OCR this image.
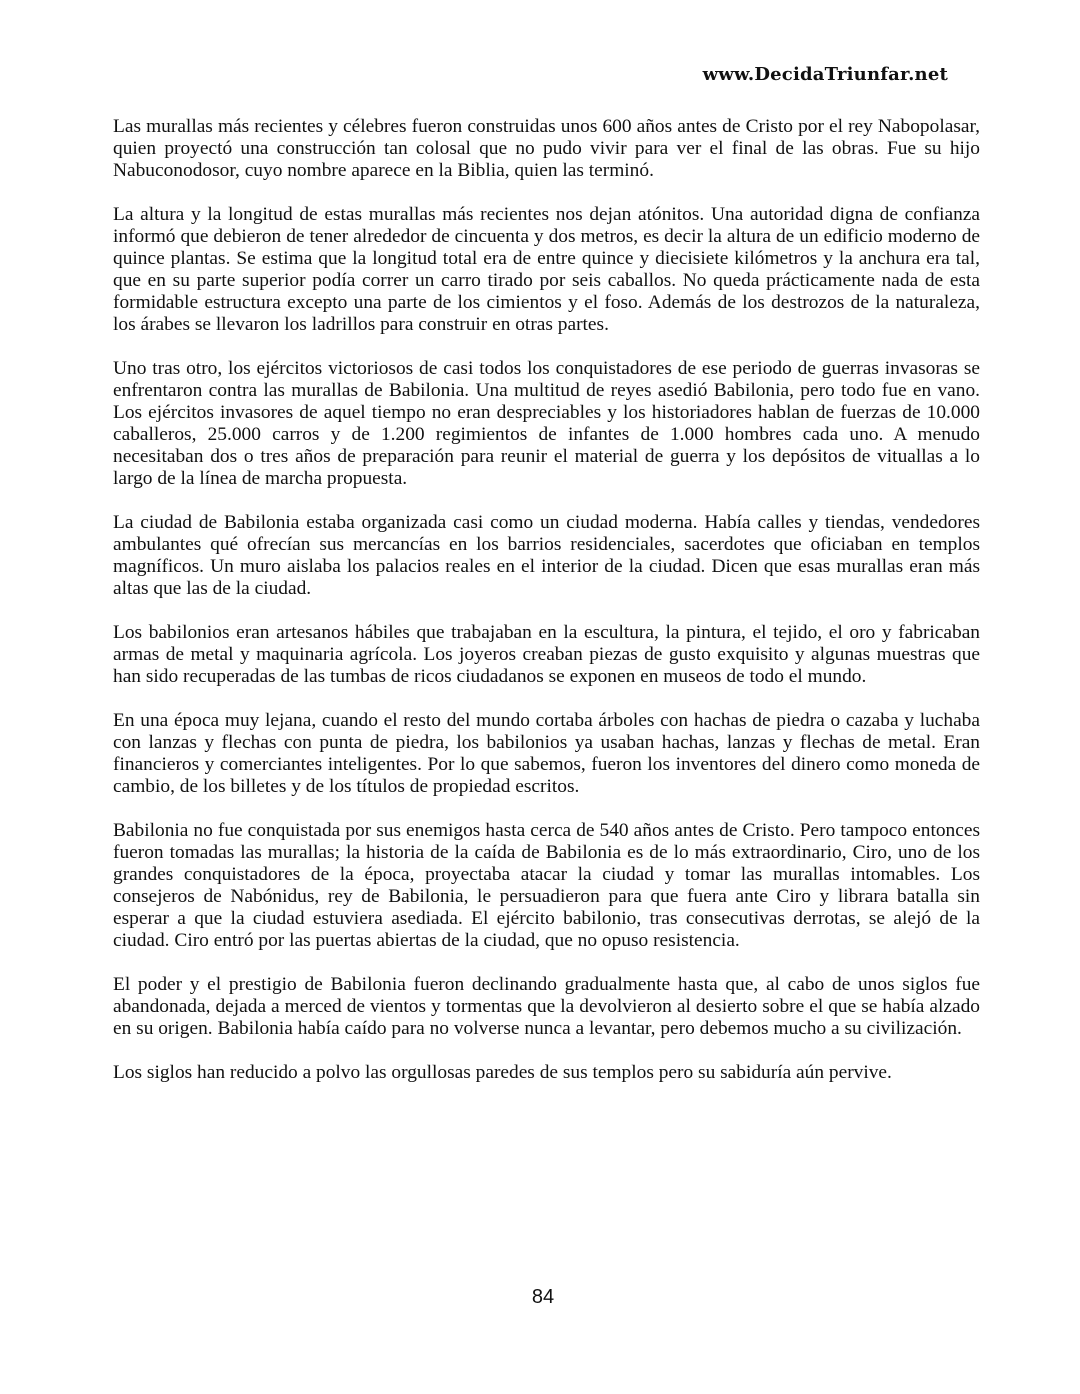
www.DecidaTriunfar.net

Las murallas más recientes y célebres fueron construidas unos 600 años antes de Cristo por el rey Nabopolasar, quien proyectó una construcción tan colosal que no pudo vivir para ver el final de las obras. Fue su hijo Nabuconodosor, cuyo nombre aparece en la Biblia, quien las terminó.

La altura y la longitud de estas murallas más recientes nos dejan atónitos. Una autoridad digna de confianza informó que debieron de tener alrededor de cincuenta y dos metros, es decir la altura de un edificio moderno de quince plantas. Se estima que la longitud total era de entre quince y diecisiete kilómetros y la anchura era tal, que en su parte superior podía correr un carro tirado por seis caballos. No queda prácticamente nada de esta formidable estructura excepto una parte de los cimientos y el foso. Además de los destrozos de la naturaleza, los árabes se llevaron los ladrillos para construir en otras partes.

Uno tras otro, los ejércitos victoriosos de casi todos los conquistadores de ese periodo de guerras invasoras se enfrentaron contra las murallas de Babilonia. Una multitud de reyes asedió Babilonia, pero todo fue en vano. Los ejércitos invasores de aquel tiempo no eran despreciables y los historiadores hablan de fuerzas de 10.000 caballeros, 25.000 carros y de 1.200 regimientos de infantes de 1.000 hombres cada uno. A menudo necesitaban dos o tres años de preparación para reunir el material de guerra y los depósitos de vituallas a lo largo de la línea de marcha propuesta.

La ciudad de Babilonia estaba organizada casi como un ciudad moderna. Había calles y tiendas, vendedores ambulantes qué ofrecían sus mercancías en los barrios residenciales, sacerdotes que oficiaban en templos magníficos. Un muro aislaba los palacios reales en el interior de la ciudad. Dicen que esas murallas eran más altas que las de la ciudad.

Los babilonios eran artesanos hábiles que trabajaban en la escultura, la pintura, el tejido, el oro y fabricaban armas de metal y maquinaria agrícola. Los joyeros creaban piezas de gusto exquisito y algunas muestras que han sido recuperadas de las tumbas de ricos ciudadanos se exponen en museos de todo el mundo.

En una época muy lejana, cuando el resto del mundo cortaba árboles con hachas de piedra o cazaba y luchaba con lanzas y flechas con punta de piedra, los babilonios ya usaban hachas, lanzas y flechas de metal. Eran financieros y comerciantes inteligentes. Por lo que sabemos, fueron los inventores del dinero como moneda de cambio, de los billetes y de los títulos de propiedad escritos.

Babilonia no fue conquistada por sus enemigos hasta cerca de 540 años antes de Cristo. Pero tampoco entonces fueron tomadas las murallas; la historia de la caída de Babilonia es de lo más extraordinario, Ciro, uno de los grandes conquistadores de la época, proyectaba atacar la ciudad y tomar las murallas intomables. Los consejeros de Nabónidus, rey de Babilonia, le persuadieron para que fuera ante Ciro y librara batalla sin esperar a que la ciudad estuviera asediada. El ejército babilonio, tras consecutivas derrotas, se alejó de la ciudad. Ciro entró por las puertas abiertas de la ciudad, que no opuso resistencia.

El poder y el prestigio de Babilonia fueron declinando gradualmente hasta que, al cabo de unos siglos fue abandonada, dejada a merced de vientos y tormentas que la devolvieron al desierto sobre el que se había alzado en su origen. Babilonia había caído para no volverse nunca a levantar, pero debemos mucho a su civilización.

Los siglos han reducido a polvo las orgullosas paredes de sus templos pero su sabiduría aún pervive.

84
